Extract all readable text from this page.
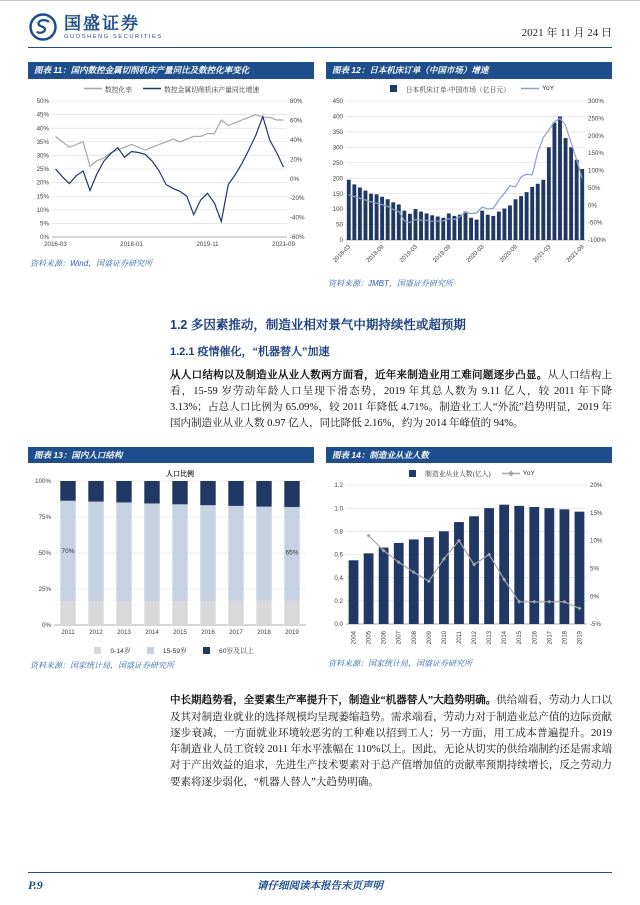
国盛证券
GUOSHENG SECURITIES	2021 年 11 月 24 日
图表 11：国内数控金属切削机床产量同比及数控化率变化
数控化率	数控金属切削机床产量同比增速
0%
5%
10%
15%
20%
25%
30%
35%
40%
45%
50%
-60%
-40%
-20%
0%
20%
40%
60%
80%
2016-03	2018-01	2019-11	2021-09
资料来源：Wind，国盛证券研究所
图表 12：日本机床订单（中国市场）增速
日本机床订单-中国市场（亿日元）	YoY
0
50
100
150
200
250
300
350
400
450
-100%
-50%
0%
50%
100%
150%
200%
250%
300%
2018-03 2018-09 2019-03 2019-09 2020-03 2020-09 2021-03 2021-09
资料来源：JMBT，国盛证券研究所
1.2 多因素推动，制造业相对景气中期持续性或超预期
1.2.1 疫情催化，“机器替人”加速

从人口结构以及制造业从业人数两方面看，近年来制造业用工难问题逐步凸显。从人口结构上看，15-59 岁劳动年龄人口呈现下滑态势，2019 年其总人数为 9.11 亿人，较 2011 年下降 3.13%；占总人口比例为 65.09%，较 2011 年降低 4.71%。制造业工人“外流”趋势明显，2019 年国内制造业从业人数 0.97 亿人，同比降低 2.16%，约为 2014 年峰值的 94%。

图表 13：国内人口结构
0%
25%
50%
75%
100%
2011 2012 2013 2014 2015 2016 2017 2018 2019
70%	65%
人口比例
0-14岁	15-59岁	60岁及以上
资料来源：国家统计局，国盛证券研究所
图表 14：制造业从业人数
制造业从业人数(亿人)	YoY
0.0
0.2
0.4
0.6
0.8
1.0
1.2
-5%
0%
5%
10%
15%
20%
2004 2005 2006 2007 2008 2009 2010 2011 2012 2013 2014 2015 2016 2017 2018 2019
资料来源：国家统计局，国盛证券研究所

中长期趋势看，全要素生产率提升下，制造业“机器替人”大趋势明确。供给端看，劳动力人口以及其对制造业就业的选择规模均呈现萎缩趋势。需求端看，劳动力对于制造业总产值的边际贡献逐步衰减，一方面就业环境较恶劣的工种难以招到工人；另一方面，用工成本普遍提升。2019 年制造业人员工资较 2011 年水平涨幅在 110%以上。因此，无论从切实的供给端制约还是需求端对于产出效益的追求，先进生产技术要素对于总产值增加值的贡献率预期持续增长，反之劳动力要素将逐步弱化，“机器人替人”大趋势明确。

P.9	请仔细阅读本报告末页声明
